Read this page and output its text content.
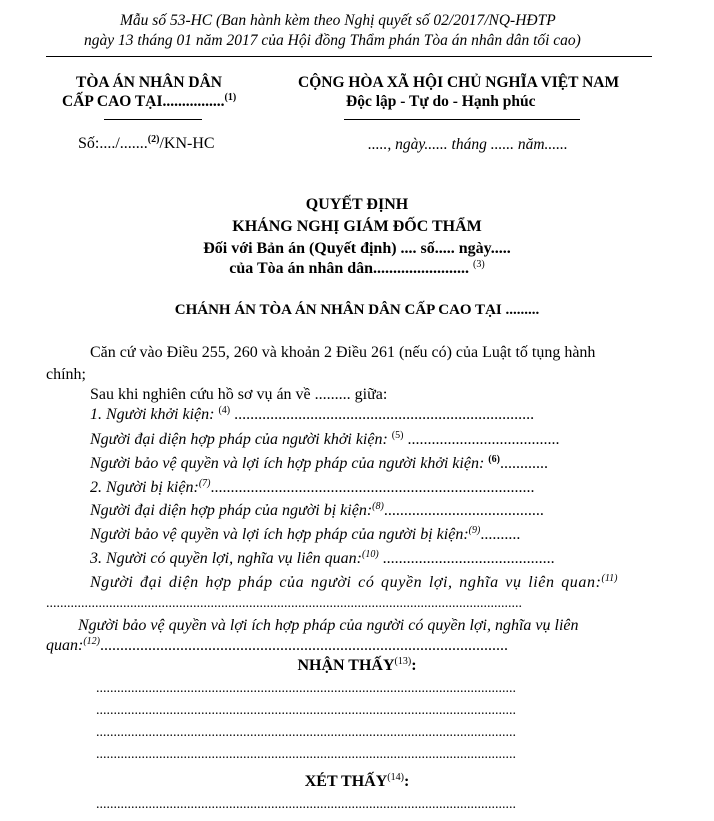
Mẫu số 53-HC (Ban hành kèm theo Nghị quyết số 02/2017/NQ-HĐTP
ngày 13 tháng 01 năm 2017 của Hội đồng Thẩm phán Tòa án nhân dân tối cao)
TÒA ÁN NHÂN DÂN
CẤP CAO TẠI................$^{(1)}$
CỘNG HÒA XÃ HỘI CHỦ NGHĨA VIỆT NAM
Độc lập - Tự do - Hạnh phúc
Số:..../.......$^{(2)}$/KN-HC	....., ngày...... tháng ...... năm......
QUYẾT ĐỊNH
KHÁNG NGHỊ GIÁM ĐỐC THẨM
Đối với Bản án (Quyết định) .... số..... ngày.....
của Tòa án nhân dân........................ $^{(3)}$
CHÁNH ÁN TÒA ÁN NHÂN DÂN CẤP CAO TẠI .........
Căn cứ vào Điều 255, 260 và khoản 2 Điều 261 (nếu có) của Luật tố tụng hành
chính;
Sau khi nghiên cứu hồ sơ vụ án về ......... giữa:
1. Người khởi kiện: $^{(4)}$ ...........................................................................
Người đại diện hợp pháp của người khởi kiện: $^{(5)}$ ......................................
Người bảo vệ quyền và lợi ích hợp pháp của người khởi kiện: $^{(6)}$............
2. Người bị kiện:$^{(7)}$.................................................................................
Người đại diện hợp pháp của người bị kiện:$^{(8)}$........................................
Người bảo vệ quyền và lợi ích hợp pháp của người bị kiện:$^{(9)}$..........
3. Người có quyền lợi, nghĩa vụ liên quan:$^{(10)}$ ...........................................
Người đại diện hợp pháp của người có quyền lợi, nghĩa vụ liên quan:$^{(11)}$
........................................................................................................................................
Người bảo vệ quyền và lợi ích hợp pháp của người có quyền lợi, nghĩa vụ liên
quan:$^{(12)}$......................................................................................................
NHẬN THẤY$^{(13)}$:
........................................................................................................................
........................................................................................................................
........................................................................................................................
........................................................................................................................
XÉT THẤY$^{(14)}$:
........................................................................................................................
